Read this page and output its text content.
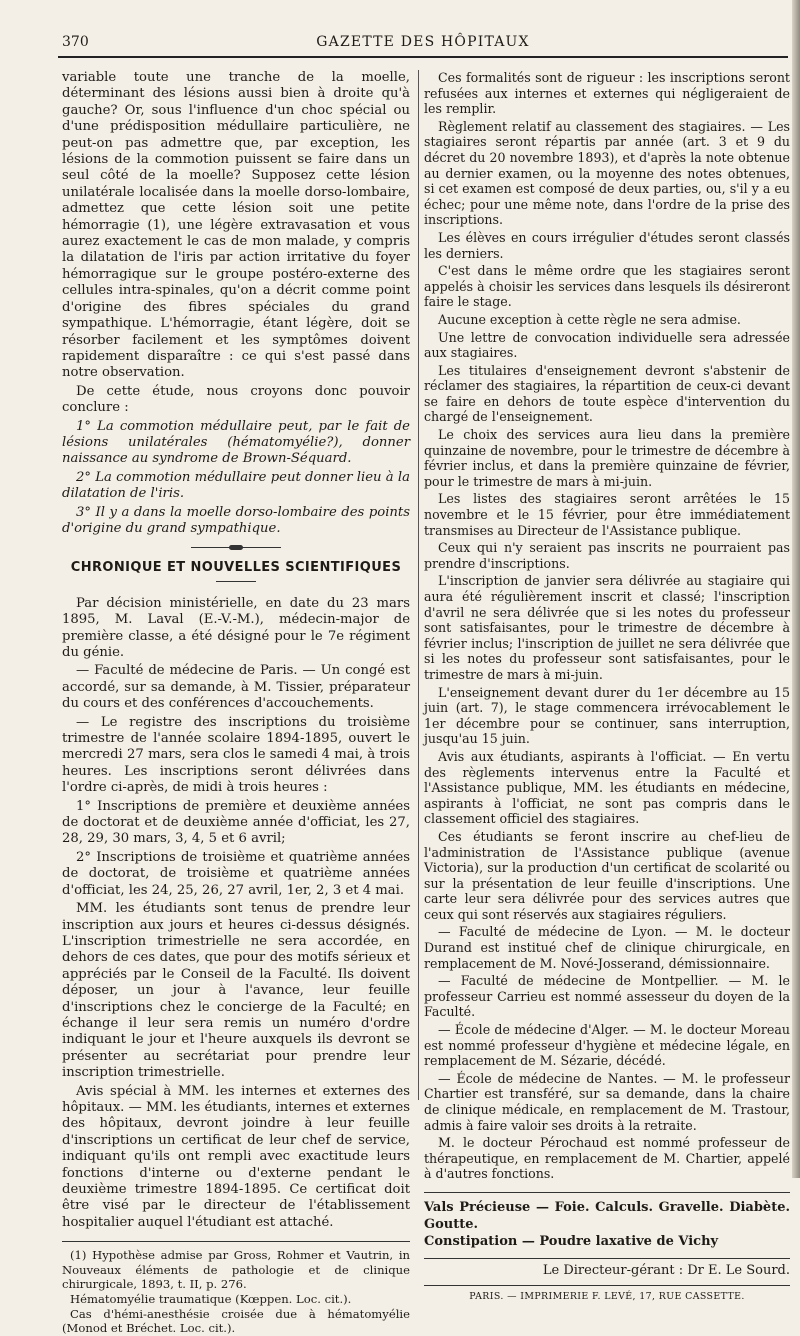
370	GAZETTE DES HÔPITAUX

variable toute une tranche de la moelle, déterminant des lésions aussi bien à droite qu'à gauche? Or, sous l'influence d'un choc spécial ou d'une prédisposition médullaire particulière, ne peut-on pas admettre que, par exception, les lésions de la commotion puissent se faire dans un seul côté de la moelle? Supposez cette lésion unilatérale localisée dans la moelle dorso-lombaire, admettez que cette lésion soit une petite hémorragie (1), une légère extravasation et vous aurez exactement le cas de mon malade, y compris la dilatation de l'iris par action irritative du foyer hémorragique sur le groupe postéro-externe des cellules intra-spinales, qu'on a décrit comme point d'origine des fibres spéciales du grand sympathique. L'hémorragie, étant légère, doit se résorber facilement et les symptômes doivent rapidement disparaître : ce qui s'est passé dans notre observation.

De cette étude, nous croyons donc pouvoir conclure :

1° La commotion médullaire peut, par le fait de lésions unilatérales (hématomyélie?), donner naissance au syndrome de Brown-Séquard.

2° La commotion médullaire peut donner lieu à la dilatation de l'iris.

3° Il y a dans la moelle dorso-lombaire des points d'origine du grand sympathique.

CHRONIQUE ET NOUVELLES SCIENTIFIQUES

Par décision ministérielle, en date du 23 mars 1895, M. Laval (E.-V.-M.), médecin-major de première classe, a été désigné pour le 7e régiment du génie.

— Faculté de médecine de Paris. — Un congé est accordé, sur sa demande, à M. Tissier, préparateur du cours et des conférences d'accouchements.

— Le registre des inscriptions du troisième trimestre de l'année scolaire 1894-1895, ouvert le mercredi 27 mars, sera clos le samedi 4 mai, à trois heures. Les inscriptions seront délivrées dans l'ordre ci-après, de midi à trois heures :

1° Inscriptions de première et deuxième années de doctorat et de deuxième année d'officiat, les 27, 28, 29, 30 mars, 3, 4, 5 et 6 avril;

2° Inscriptions de troisième et quatrième années de doctorat, de troisième et quatrième années d'officiat, les 24, 25, 26, 27 avril, 1er, 2, 3 et 4 mai.

MM. les étudiants sont tenus de prendre leur inscription aux jours et heures ci-dessus désignés. L'inscription trimestrielle ne sera accordée, en dehors de ces dates, que pour des motifs sérieux et appréciés par le Conseil de la Faculté. Ils doivent déposer, un jour à l'avance, leur feuille d'inscriptions chez le concierge de la Faculté; en échange il leur sera remis un numéro d'ordre indiquant le jour et l'heure auxquels ils devront se présenter au secrétariat pour prendre leur inscription trimestrielle.

Avis spécial à MM. les internes et externes des hôpitaux. — MM. les étudiants, internes et externes des hôpitaux, devront joindre à leur feuille d'inscriptions un certificat de leur chef de service, indiquant qu'ils ont rempli avec exactitude leurs fonctions d'interne ou d'externe pendant le deuxième trimestre 1894-1895. Ce certificat doit être visé par le directeur de l'établissement hospitalier auquel l'étudiant est attaché.

(1) Hypothèse admise par Gross, Rohmer et Vautrin, in Nouveaux éléments de pathologie et de clinique chirurgicale, 1893, t. II, p. 276.

Hématomyélie traumatique (Kœppen. Loc. cit.).

Cas d'hémi-anesthésie croisée due à hématomyélie (Monod et Bréchet. Loc. cit.).

Ces formalités sont de rigueur : les inscriptions seront refusées aux internes et externes qui négligeraient de les remplir.

Règlement relatif au classement des stagiaires. — Les stagiaires seront répartis par année (art. 3 et 9 du décret du 20 novembre 1893), et d'après la note obtenue au dernier examen, ou la moyenne des notes obtenues, si cet examen est composé de deux parties, ou, s'il y a eu échec; pour une même note, dans l'ordre de la prise des inscriptions.

Les élèves en cours irrégulier d'études seront classés les derniers.

C'est dans le même ordre que les stagiaires seront appelés à choisir les services dans lesquels ils désireront faire le stage.

Aucune exception à cette règle ne sera admise.

Une lettre de convocation individuelle sera adressée aux stagiaires.

Les titulaires d'enseignement devront s'abstenir de réclamer des stagiaires, la répartition de ceux-ci devant se faire en dehors de toute espèce d'intervention du chargé de l'enseignement.

Le choix des services aura lieu dans la première quinzaine de novembre, pour le trimestre de décembre à février inclus, et dans la première quinzaine de février, pour le trimestre de mars à mi-juin.

Les listes des stagiaires seront arrêtées le 15 novembre et le 15 février, pour être immédiatement transmises au Directeur de l'Assistance publique.

Ceux qui n'y seraient pas inscrits ne pourraient pas prendre d'inscriptions.

L'inscription de janvier sera délivrée au stagiaire qui aura été régulièrement inscrit et classé; l'inscription d'avril ne sera délivrée que si les notes du professeur sont satisfaisantes, pour le trimestre de décembre à février inclus; l'inscription de juillet ne sera délivrée que si les notes du professeur sont satisfaisantes, pour le trimestre de mars à mi-juin.

L'enseignement devant durer du 1er décembre au 15 juin (art. 7), le stage commencera irrévocablement le 1er décembre pour se continuer, sans interruption, jusqu'au 15 juin.

Avis aux étudiants, aspirants à l'officiat. — En vertu des règlements intervenus entre la Faculté et l'Assistance publique, MM. les étudiants en médecine, aspirants à l'officiat, ne sont pas compris dans le classement officiel des stagiaires.

Ces étudiants se feront inscrire au chef-lieu de l'administration de l'Assistance publique (avenue Victoria), sur la production d'un certificat de scolarité ou sur la présentation de leur feuille d'inscriptions. Une carte leur sera délivrée pour des services autres que ceux qui sont réservés aux stagiaires réguliers.

— Faculté de médecine de Lyon. — M. le docteur Durand est institué chef de clinique chirurgicale, en remplacement de M. Nové-Josserand, démissionnaire.

— Faculté de médecine de Montpellier. — M. le professeur Carrieu est nommé assesseur du doyen de la Faculté.

— École de médecine d'Alger. — M. le docteur Moreau est nommé professeur d'hygiène et médecine légale, en remplacement de M. Sézarie, décédé.

— École de médecine de Nantes. — M. le professeur Chartier est transféré, sur sa demande, dans la chaire de clinique médicale, en remplacement de M. Trastour, admis à faire valoir ses droits à la retraite.

M. le docteur Pérochaud est nommé professeur de thérapeutique, en remplacement de M. Chartier, appelé à d'autres fonctions.

Vals Précieuse — Foie. Calculs. Gravelle. Diabète. Goutte.
Constipation — Poudre laxative de Vichy
Le Directeur-gérant : Dr E. Le Sourd.
PARIS. — IMPRIMERIE F. LEVÉ, 17, RUE CASSETTE.
